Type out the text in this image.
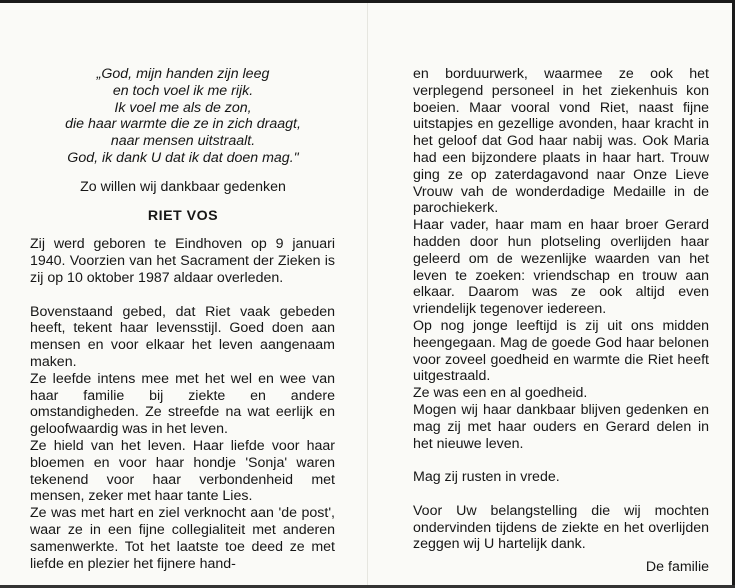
„God, mijn handen zijn leeg
en toch voel ik me rijk.
Ik voel me als de zon,
die haar warmte die ze in zich draagt,
naar mensen uitstraalt.
God, ik dank U dat ik dat doen mag."
Zo willen wij dankbaar gedenken
RIET VOS
Zij werd geboren te Eindhoven op 9 januari 1940. Voorzien van het Sacrament der Zieken is zij op 10 oktober 1987 aldaar overleden.
Bovenstaand gebed, dat Riet vaak gebeden heeft, tekent haar levensstijl. Goed doen aan mensen en voor elkaar het leven aangenaam maken.
Ze leefde intens mee met het wel en wee van haar familie bij ziekte en andere omstandigheden. Ze streefde na wat eerlijk en geloofwaardig was in het leven.
Ze hield van het leven. Haar liefde voor haar bloemen en voor haar hondje 'Sonja' waren tekenend voor haar verbondenheid met mensen, zeker met haar tante Lies.
Ze was met hart en ziel verknocht aan 'de post', waar ze in een fijne collegialiteit met anderen samenwerkte. Tot het laatste toe deed ze met liefde en plezier het fijnere hand-
en borduurwerk, waarmee ze ook het verplegend personeel in het ziekenhuis kon boeien. Maar vooral vond Riet, naast fijne uitstapjes en gezellige avonden, haar kracht in het geloof dat God haar nabij was. Ook Maria had een bijzondere plaats in haar hart. Trouw ging ze op zaterdagavond naar Onze Lieve Vrouw vah de wonderdadige Medaille in de parochiekerk.
Haar vader, haar mam en haar broer Gerard hadden door hun plotseling overlijden haar geleerd om de wezenlijke waarden van het leven te zoeken: vriendschap en trouw aan elkaar. Daarom was ze ook altijd even vriendelijk tegenover iedereen.
Op nog jonge leeftijd is zij uit ons midden heengegaan. Mag de goede God haar belonen voor zoveel goedheid en warmte die Riet heeft uitgestraald.
Ze was een en al goedheid.
Mogen wij haar dankbaar blijven gedenken en mag zij met haar ouders en Gerard delen in het nieuwe leven.
Mag zij rusten in vrede.
Voor Uw belangstelling die wij mochten ondervinden tijdens de ziekte en het overlijden zeggen wij U hartelijk dank.
De familie
